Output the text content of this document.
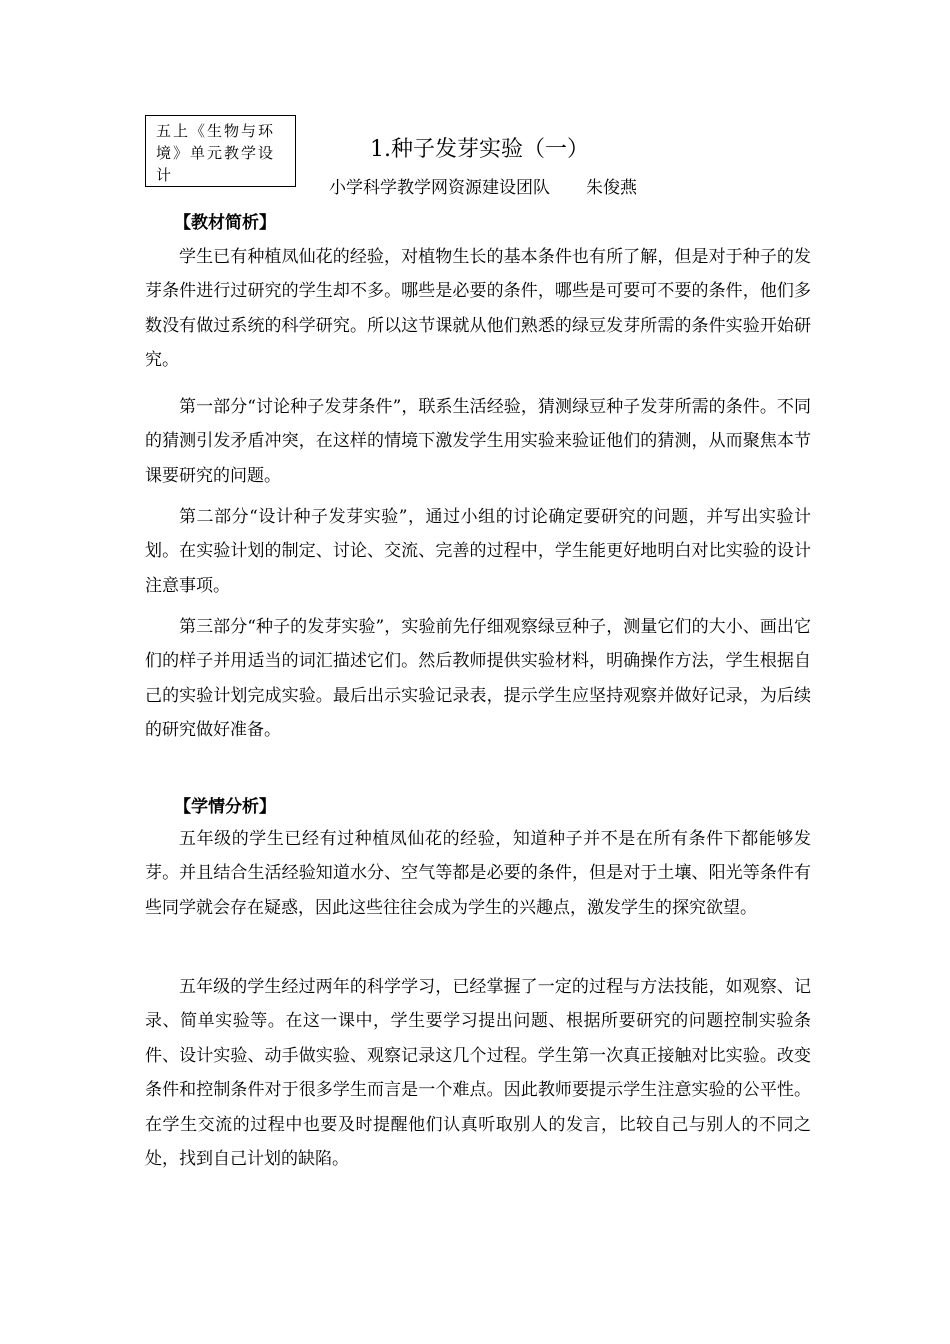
五上《生物与环境》单元教学设计
1.种子发芽实验（一）
小学科学教学网资源建设团队 朱俊燕
【教材简析】

学生已有种植凤仙花的经验，对植物生长的基本条件也有所了解，但是对于种子的发芽条件进行过研究的学生却不多。哪些是必要的条件，哪些是可要可不要的条件，他们多数没有做过系统的科学研究。所以这节课就从他们熟悉的绿豆发芽所需的条件实验开始研究。

第一部分“讨论种子发芽条件”，联系生活经验，猜测绿豆种子发芽所需的条件。不同的猜测引发矛盾冲突，在这样的情境下激发学生用实验来验证他们的猜测，从而聚焦本节课要研究的问题。

第二部分“设计种子发芽实验”，通过小组的讨论确定要研究的问题，并写出实验计划。在实验计划的制定、讨论、交流、完善的过程中，学生能更好地明白对比实验的设计注意事项。

第三部分“种子的发芽实验”，实验前先仔细观察绿豆种子，测量它们的大小、画出它们的样子并用适当的词汇描述它们。然后教师提供实验材料，明确操作方法，学生根据自己的实验计划完成实验。最后出示实验记录表，提示学生应坚持观察并做好记录，为后续的研究做好准备。

【学情分析】

五年级的学生已经有过种植凤仙花的经验，知道种子并不是在所有条件下都能够发芽。并且结合生活经验知道水分、空气等都是必要的条件，但是对于土壤、阳光等条件有些同学就会存在疑惑，因此这些往往会成为学生的兴趣点，激发学生的探究欲望。

五年级的学生经过两年的科学学习，已经掌握了一定的过程与方法技能，如观察、记录、简单实验等。在这一课中，学生要学习提出问题、根据所要研究的问题控制实验条件、设计实验、动手做实验、观察记录这几个过程。学生第一次真正接触对比实验。改变条件和控制条件对于很多学生而言是一个难点。因此教师要提示学生注意实验的公平性。在学生交流的过程中也要及时提醒他们认真听取别人的发言，比较自己与别人的不同之处，找到自己计划的缺陷。
